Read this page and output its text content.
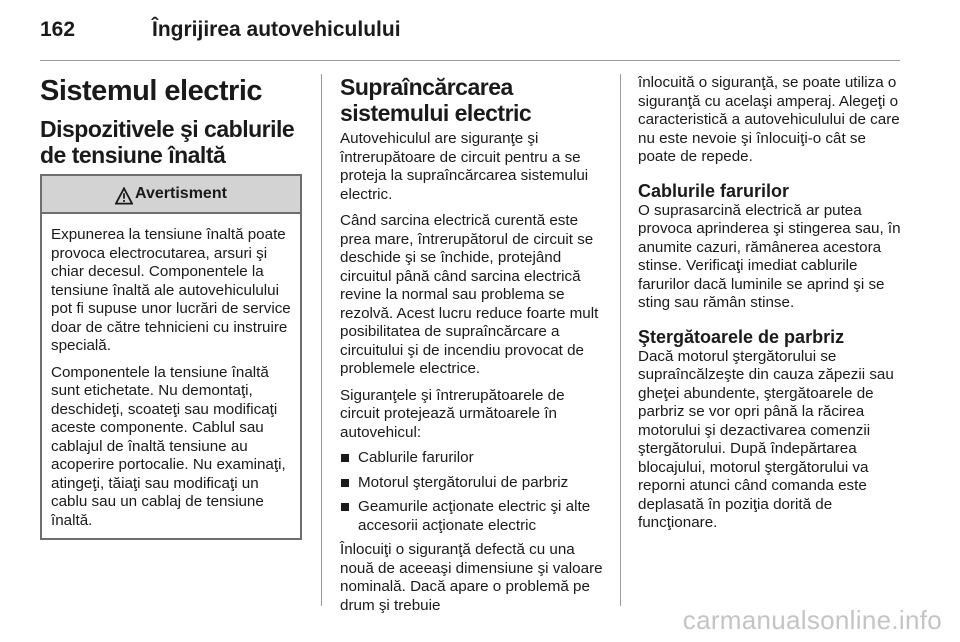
162	Îngrijirea autovehiculului
Sistemul electric
Dispozitivele şi cablurile de tensiune înaltă
Avertisment

Expunerea la tensiune înaltă poate provoca electrocutarea, arsuri şi chiar decesul. Componentele la tensiune înaltă ale autovehiculului pot fi supuse unor lucrări de service doar de către tehnicieni cu instruire specială.

Componentele la tensiune înaltă sunt etichetate. Nu demontaţi, deschideţi, scoateţi sau modificaţi aceste componente. Cablul sau cablajul de înaltă tensiune au acoperire portocalie. Nu examinaţi, atingeţi, tăiaţi sau modificaţi un cablu sau un cablaj de tensiune înaltă.

Supraîncărcarea sistemului electric

Autovehiculul are siguranţe şi întrerupătoare de circuit pentru a se proteja la supraîncărcarea sistemului electric.

Când sarcina electrică curentă este prea mare, întrerupătorul de circuit se deschide şi se închide, protejând circuitul până când sarcina electrică revine la normal sau problema se rezolvă. Acest lucru reduce foarte mult posibilitatea de supraîncărcare a circuitului şi de incendiu provocat de problemele electrice.

Siguranţele şi întrerupătoarele de circuit protejează următoarele în autovehicul:

Cablurile farurilor
Motorul ştergătorului de parbriz
Geamurile acţionate electric şi alte accesorii acţionate electric

Înlocuiţi o siguranţă defectă cu una nouă de aceeaşi dimensiune şi valoare nominală. Dacă apare o problemă pe drum şi trebuie

înlocuită o siguranţă, se poate utiliza o siguranţă cu acelaşi amperaj. Alegeţi o caracteristică a autovehiculului de care nu este nevoie şi înlocuiţi-o cât se poate de repede.

Cablurile farurilor

O suprasarcină electrică ar putea provoca aprinderea şi stingerea sau, în anumite cazuri, rămânerea acestora stinse. Verificaţi imediat cablurile farurilor dacă luminile se aprind şi se sting sau rămân stinse.

Ştergătoarele de parbriz

Dacă motorul ştergătorului se supraîncălzeşte din cauza zăpezii sau gheţei abundente, ştergătoarele de parbriz se vor opri până la răcirea motorului şi dezactivarea comenzii ştergătorului. După îndepărtarea blocajului, motorul ştergătorului va reporni atunci când comanda este deplasată în poziţia dorită de funcţionare.

carmanualsonline.info
